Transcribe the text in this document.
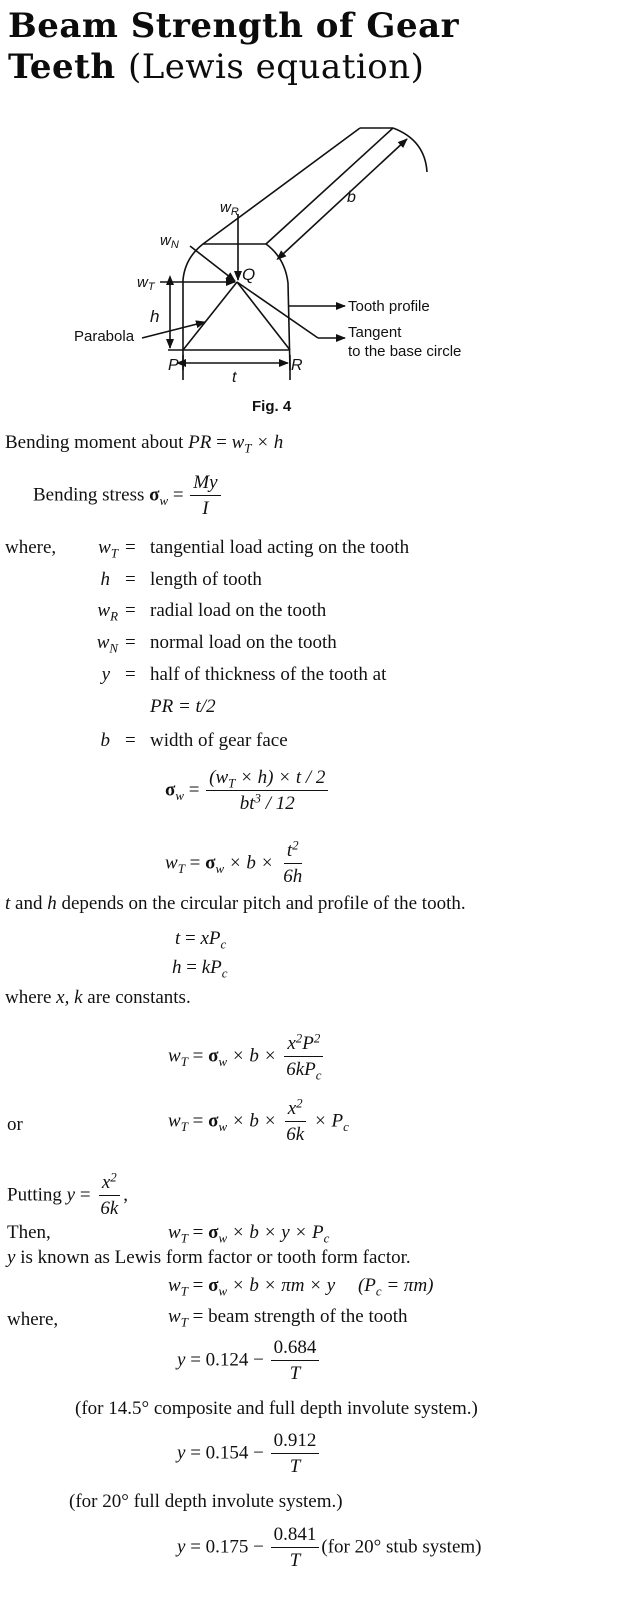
Beam Strength of Gear
Teeth (Lewis equation)
$w_R$
$w_N$
$w_T$
h
b
Q
P	R
t
Parabola
Tooth profile
Tangent
to the base circle
Fig. 4
Bending moment about PR = $w_T \times h$
Bending stress $\sigma_w = \frac{My}{I}$
where,	$w_T$ = tangential load acting on the tooth
h = length of tooth
$w_R$ = radial load on the tooth
$w_N$ = normal load on the tooth
y = half of thickness of the tooth at
PR = t/2
b = width of gear face
$\sigma_w = \frac{(w_T \times h) \times t / 2}{bt^3 / 12}$
$w_T = \sigma_w \times b \times \frac{t^2}{6h}$
t and h depends on the circular pitch and profile of the tooth.
$t = xP_c$
$h = kP_c$
where x, k are constants.
$w_T = \sigma_w \times b \times \frac{x^2P^2}{6kP_c}$
or	$w_T = \sigma_w \times b \times \frac{x^2}{6k} \times P_c$
Putting $y = \frac{x^2}{6k}$ ,
Then,	$w_T = \sigma_w \times b \times y \times P_c$
y is known as Lewis form factor or tooth form factor.
$w_T = \sigma_w \times b \times \pi m \times y$ $(P_c = \pi m)$
where,	$w_T$ = beam strength of the tooth
$y = 0.124 - \frac{0.684}{T}$
(for 14.5° composite and full depth involute system.)
$y = 0.154 - \frac{0.912}{T}$
(for 20° full depth involute system.)
$y = 0.175 - \frac{0.841}{T} (for$ 20° stub system)
